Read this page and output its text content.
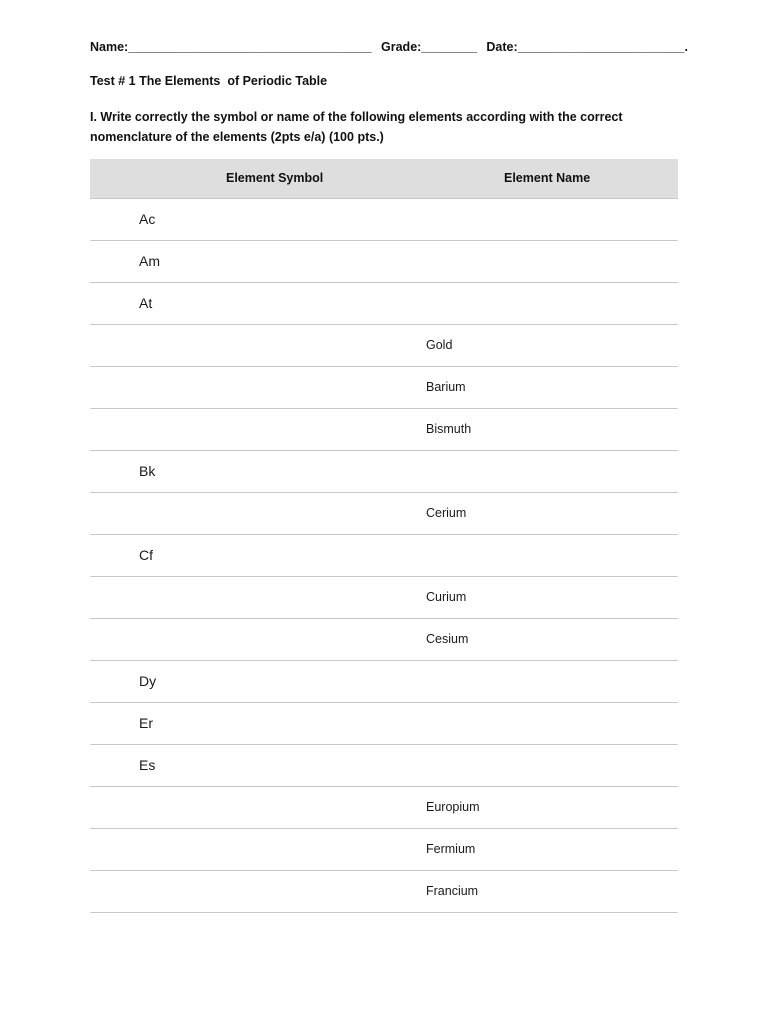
Name:___________________________________ Grade:________ Date:________________________.
Test # 1 The Elements  of Periodic Table
I. Write correctly the symbol or name of the following elements according with the correct
nomenclature of the elements (2pts e/a) (100 pts.)
Element Symbol	Element Name
Ac
Am
At
Gold
Barium
Bismuth
Bk
Cerium
Cf
Curium
Cesium
Dy
Er
Es
Europium
Fermium
Francium
